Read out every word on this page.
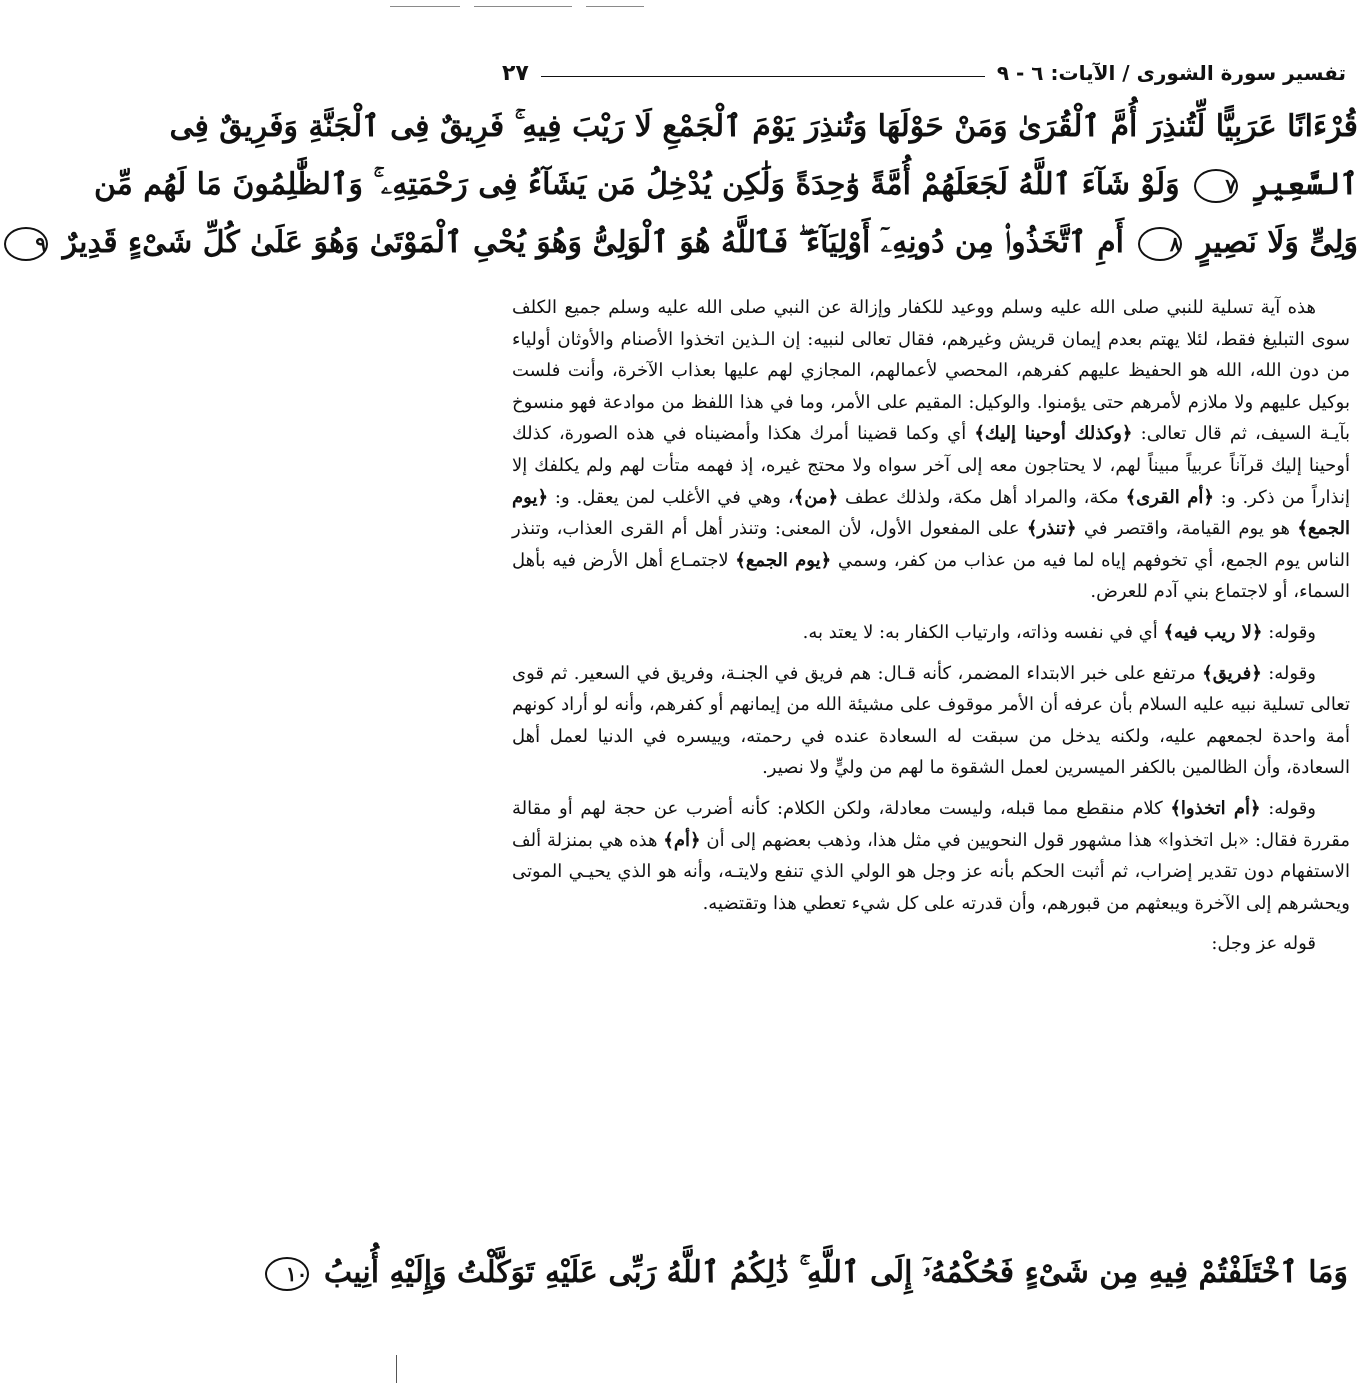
تفسير سورة الشورى / الآيات: ٦ - ٩
٢٧
قُرْءَانًا عَرَبِيًّا لِّتُنذِرَ أُمَّ ٱلْقُرَىٰ وَمَنْ حَوْلَهَا وَتُنذِرَ يَوْمَ ٱلْجَمْعِ لَا رَيْبَ فِيهِ ۚ فَرِيقٌ فِى ٱلْجَنَّةِ وَفَرِيقٌ فِى
ٱلسَّعِيرِ ٧ وَلَوْ شَآءَ ٱللَّهُ لَجَعَلَهُمْ أُمَّةً وَٰحِدَةً وَلَٰكِن يُدْخِلُ مَن يَشَآءُ فِى رَحْمَتِهِۦ ۚ وَٱلظَّٰلِمُونَ مَا لَهُم مِّن
وَلِىٍّ وَلَا نَصِيرٍ ٨ أَمِ ٱتَّخَذُوا۟ مِن دُونِهِۦٓ أَوْلِيَآءَ ۖ فَٱللَّهُ هُوَ ٱلْوَلِىُّ وَهُوَ يُحْىِ ٱلْمَوْتَىٰ وَهُوَ عَلَىٰ كُلِّ شَىْءٍ قَدِيرٌ ٩

هذه آية تسلية للنبي صلى الله عليه وسلم ووعيد للكفار وإزالة عن النبي صلى الله عليه وسلم جميع الكلف سوى التبليغ فقط، لئلا يهتم بعدم إيمان قريش وغيرهم، فقال تعالى لنبيه: إن الـذين اتخذوا الأصنام والأوثان أولياء من دون الله، الله هو الحفيظ عليهم كفرهم، المحصي لأعمالهم، المجازي لهم عليها بعذاب الآخرة، وأنت فلست بوكيل عليهم ولا ملازم لأمرهم حتى يؤمنوا. والوكيل: المقيم على الأمر، وما في هذا اللفظ من موادعة فهو منسوخ بآيـة السيف، ثم قال تعالى: ﴿وكذلك أوحينا إليك﴾ أي وكما قضينا أمرك هكذا وأمضيناه في هذه الصورة، كذلك أوحينا إليك قرآناً عربياً مبيناً لهم، لا يحتاجون معه إلى آخر سواه ولا محتج غيره، إذ فهمه متأت لهم ولم يكلفك إلا إنذاراً من ذكر. و: ﴿أم القرى﴾ مكة، والمراد أهل مكة، ولذلك عطف ﴿من﴾، وهي في الأغلب لمن يعقل. و: ﴿يوم الجمع﴾ هو يوم القيامة، واقتصر في ﴿تنذر﴾ على المفعول الأول، لأن المعنى: وتنذر أهل أم القرى العذاب، وتنذر الناس يوم الجمع، أي تخوفهم إياه لما فيه من عذاب من كفر، وسمي ﴿يوم الجمع﴾ لاجتمـاع أهل الأرض فيه بأهل السماء، أو لاجتماع بني آدم للعرض.

وقوله: ﴿لا ريب فيه﴾ أي في نفسه وذاته، وارتياب الكفار به: لا يعتد به.

وقوله: ﴿فريق﴾ مرتفع على خبر الابتداء المضمر، كأنه قـال: هم فريق في الجنـة، وفريق في السعير. ثم قوى تعالى تسلية نبيه عليه السلام بأن عرفه أن الأمر موقوف على مشيئة الله من إيمانهم أو كفرهم، وأنه لو أراد كونهم أمة واحدة لجمعهم عليه، ولكنه يدخل من سبقت له السعادة عنده في رحمته، وييسره في الدنيا لعمل أهل السعادة، وأن الظالمين بالكفر الميسرين لعمل الشقوة ما لهم من وليٍّ ولا نصير.

وقوله: ﴿أم اتخذوا﴾ كلام منقطع مما قبله، وليست معادلة، ولكن الكلام: كأنه أضرب عن حجة لهم أو مقالة مقررة فقال: «بل اتخذوا» هذا مشهور قول النحويين في مثل هذا، وذهب بعضهم إلى أن ﴿أم﴾ هذه هي بمنزلة ألف الاستفهام دون تقدير إضراب، ثم أثبت الحكم بأنه عز وجل هو الولي الذي تنفع ولايتـه، وأنه هو الذي يحيـي الموتى ويحشرهم إلى الآخرة ويبعثهم من قبورهم، وأن قدرته على كل شيء تعطي هذا وتقتضيه.

قوله عز وجل:

وَمَا ٱخْتَلَفْتُمْ فِيهِ مِن شَىْءٍ فَحُكْمُهُۥٓ إِلَى ٱللَّهِ ۚ ذَٰلِكُمُ ٱللَّهُ رَبِّى عَلَيْهِ تَوَكَّلْتُ وَإِلَيْهِ أُنِيبُ ١٠
